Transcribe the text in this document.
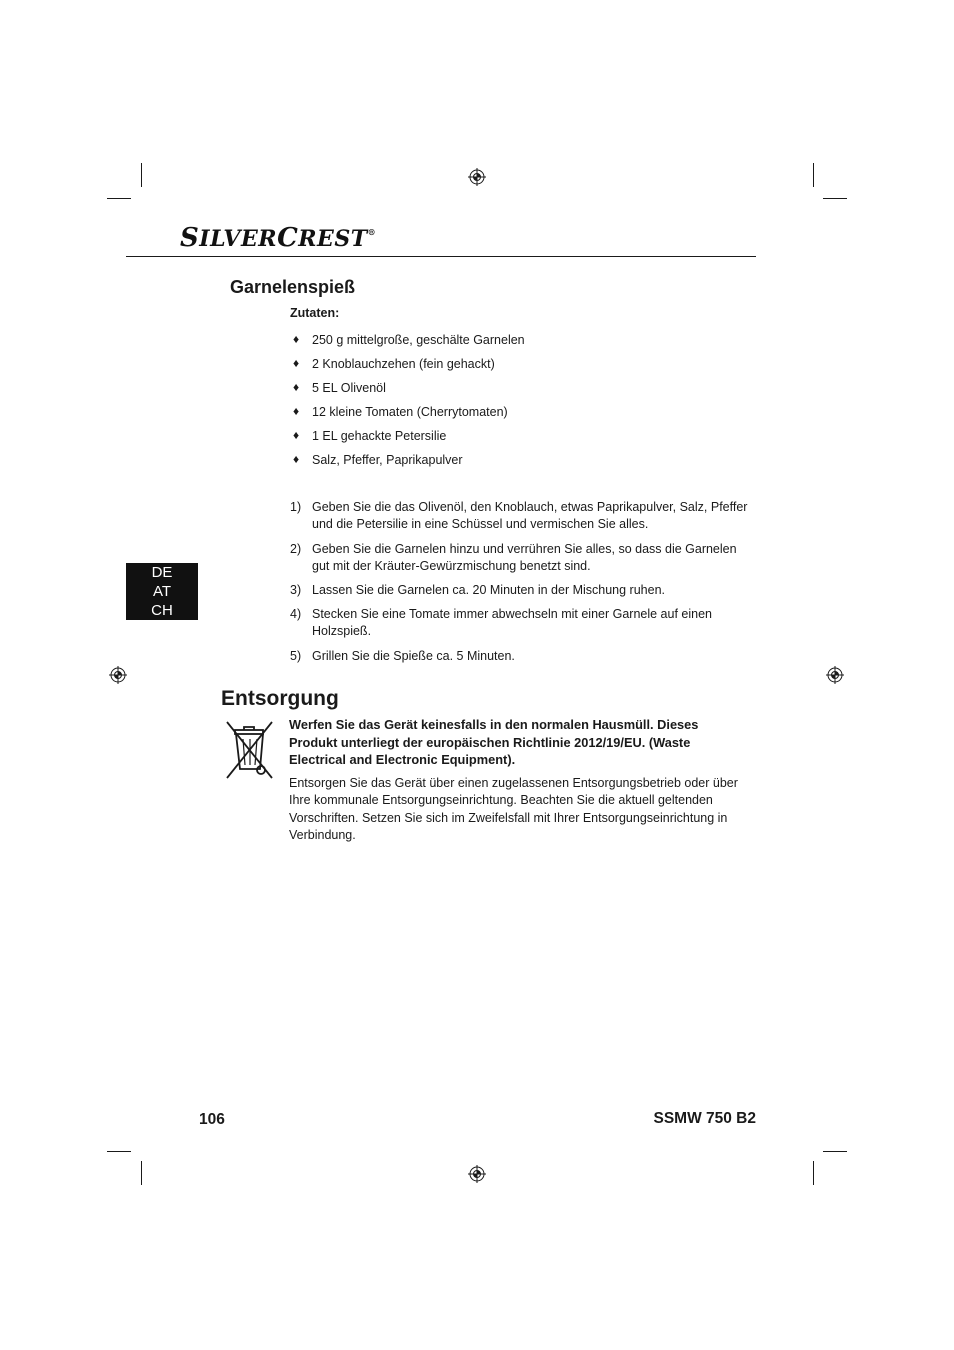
SILVERCREST®
Garnelenspieß
Zutaten:
♦ 250 g mittelgroße, geschälte Garnelen
♦ 2 Knoblauchzehen (fein gehackt)
♦ 5 EL Olivenöl
♦ 12 kleine Tomaten (Cherrytomaten)
♦ 1 EL gehackte Petersilie
♦ Salz, Pfeffer, Paprikapulver
1) Geben Sie die das Olivenöl, den Knoblauch, etwas Paprikapulver, Salz, Pfeffer und die Petersilie in eine Schüssel und vermischen Sie alles.
2) Geben Sie die Garnelen hinzu und verrühren Sie alles, so dass die Garnelen gut mit der Kräuter-Gewürzmischung benetzt sind.
3) Lassen Sie die Garnelen ca. 20 Minuten in der Mischung ruhen.
4) Stecken Sie eine Tomate immer abwechseln mit einer Garnele auf einen Holzspieß.
5) Grillen Sie die Spieße ca. 5 Minuten.
DE
AT
CH
Entsorgung
Werfen Sie das Gerät keinesfalls in den normalen Hausmüll. Dieses Produkt unterliegt der europäischen Richtlinie 2012/19/EU. (Waste Electrical and Electronic Equipment).
Entsorgen Sie das Gerät über einen zugelassenen Entsorgungsbetrieb oder über Ihre kommunale Entsorgungseinrichtung. Beachten Sie die aktuell geltenden Vorschriften. Setzen Sie sich im Zweifelsfall mit Ihrer Entsorgungseinrichtung in Verbindung.
106	SSMW 750 B2
